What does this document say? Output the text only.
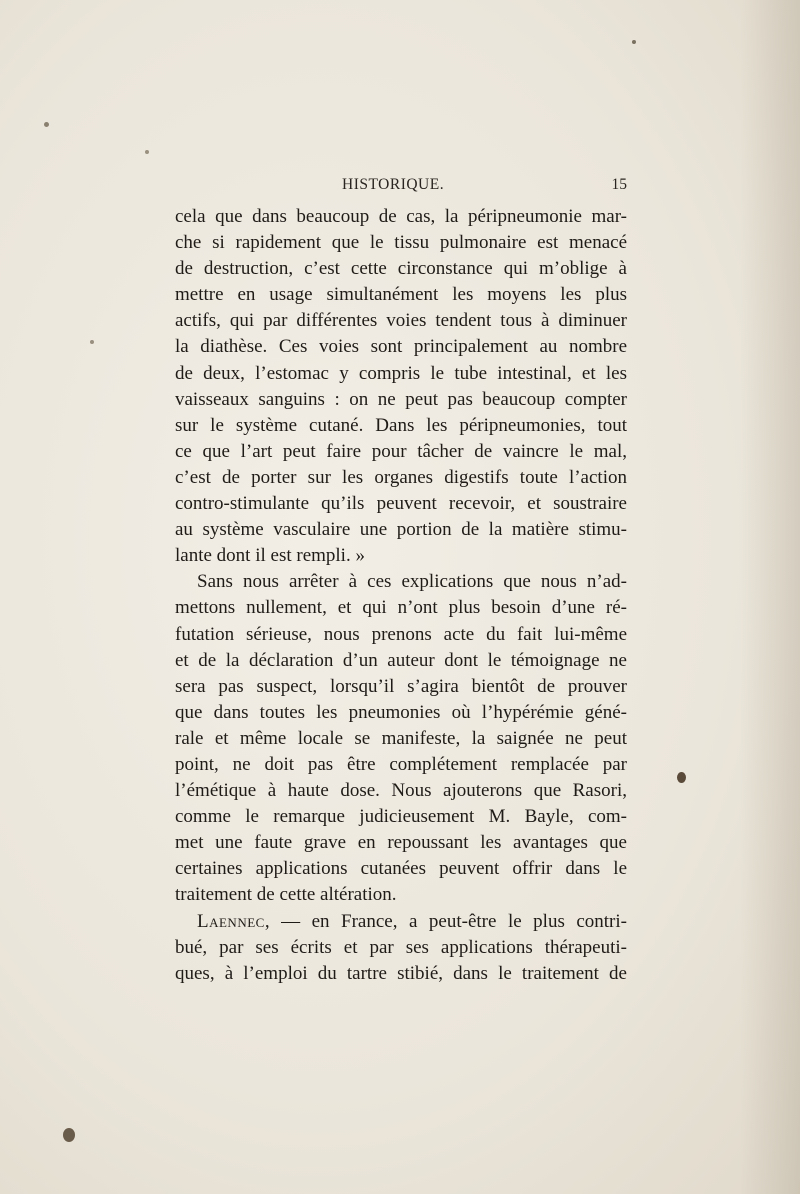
HISTORIQUE.	15
cela que dans beaucoup de cas, la péripneumonie mar-
che si rapidement que le tissu pulmonaire est menacé
de destruction, c’est cette circonstance qui m’oblige à
mettre en usage simultanément les moyens les plus
actifs, qui par différentes voies tendent tous à diminuer
la diathèse. Ces voies sont principalement au nombre
de deux, l’estomac y compris le tube intestinal, et les
vaisseaux sanguins : on ne peut pas beaucoup compter
sur le système cutané. Dans les péripneumonies, tout
ce que l’art peut faire pour tâcher de vaincre le mal,
c’est de porter sur les organes digestifs toute l’action
contro-stimulante qu’ils peuvent recevoir, et soustraire
au système vasculaire une portion de la matière stimu-
lante dont il est rempli. »
Sans nous arrêter à ces explications que nous n’ad-
mettons nullement, et qui n’ont plus besoin d’une ré-
futation sérieuse, nous prenons acte du fait lui-même
et de la déclaration d’un auteur dont le témoignage ne
sera pas suspect, lorsqu’il s’agira bientôt de prouver
que dans toutes les pneumonies où l’hypérémie géné-
rale et même locale se manifeste, la saignée ne peut
point, ne doit pas être complétement remplacée par
l’émétique à haute dose. Nous ajouterons que Rasori,
comme le remarque judicieusement M. Bayle, com-
met une faute grave en repoussant les avantages que
certaines applications cutanées peuvent offrir dans le
traitement de cette altération.
Laennec, — en France, a peut-être le plus contri-
bué, par ses écrits et par ses applications thérapeuti-
ques, à l’emploi du tartre stibié, dans le traitement de
